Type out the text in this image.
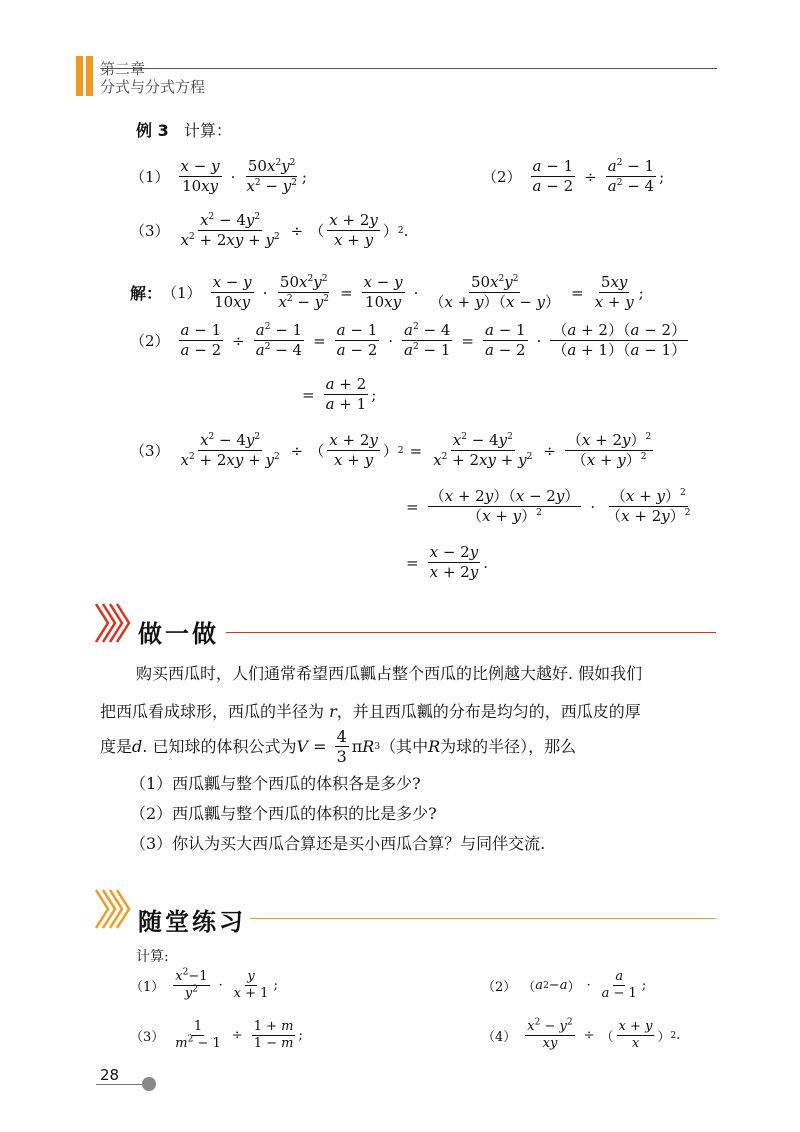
第二章
分式与分式方程
例 3 计算：
$(1) \frac{x - y}{10xy} \cdot \frac{50x^2y^2}{x^2 - y^2}$ ;	$(2) \frac{a - 1}{a - 2} \div \frac{a^2 - 1}{a^2 - 4}$ ;
$(3) \frac{x^2 - 4y^2}{x^2 + 2xy + y^2}$ ÷ （ $\frac{x + 2y}{x + y}$ ） 2 .
解： $(1) \frac{x - y}{10xy} \cdot \frac{50x^2y^2}{x^2 - y^2} = \frac{x - y}{10xy} \cdot \frac{50x^2y^2}{(x + y)(x - y)} = \frac{5xy}{x + y}$ ;
$(2) \frac{a - 1}{a - 2} \div \frac{a^2 - 1}{a^2 - 4} = \frac{a - 1}{a - 2} \cdot \frac{a^2 - 4}{a^2 - 1} = \frac{a - 1}{a - 2} \cdot \frac{(a + 2)(a - 2)}{(a + 1)(a - 1)}$
= $\frac{a + 2}{a + 1}$ ;
$(3) \frac{x^2 - 4y^2}{x^2 + 2xy + y^2}$ ÷ （ $\frac{x + 2y}{x + y}$ ） $2 = \frac{x^2 - 4y^2}{x^2 + 2xy + y^2} \div \frac{(x + 2y)^2}{(x + y)^2}$
= $\frac{(x + 2y)(x - 2y)}{(x + y)^2} \cdot \frac{(x + y)^2}{(x + 2y)^2}$
= $\frac{x - 2y}{x + 2y}$ .
做一做
购买西瓜时，人们通常希望西瓜瓤占整个西瓜的比例越大越好. 假如我们
把西瓜看成球形，西瓜的半径为 r，并且西瓜瓤的分布是均匀的，西瓜皮的厚
度是 d . 已知球的体积公式为 $V = \frac{4}{3}$ π R 3 （其中 R 为球的半径），那么
（1）西瓜瓤与整个西瓜的体积各是多少?
（2）西瓜瓤与整个西瓜的体积的比是多少?
（3）你认为买大西瓜合算还是买小西瓜合算？与同伴交流.
随堂练习
计算:
$(1) \frac{x^2-1}{y^2} \cdot \frac{y}{x + 1}$ ;	（2） （ a 2 − a ） · $\frac{a}{a - 1}$ ;
$(3) \frac{1}{m^2 - 1} \div \frac{1 + m}{1 - m}$ ;	$(4) \frac{x^2 - y^2}{xy}$ ÷ （ $\frac{x + y}{x}$ ） 2 .
28
